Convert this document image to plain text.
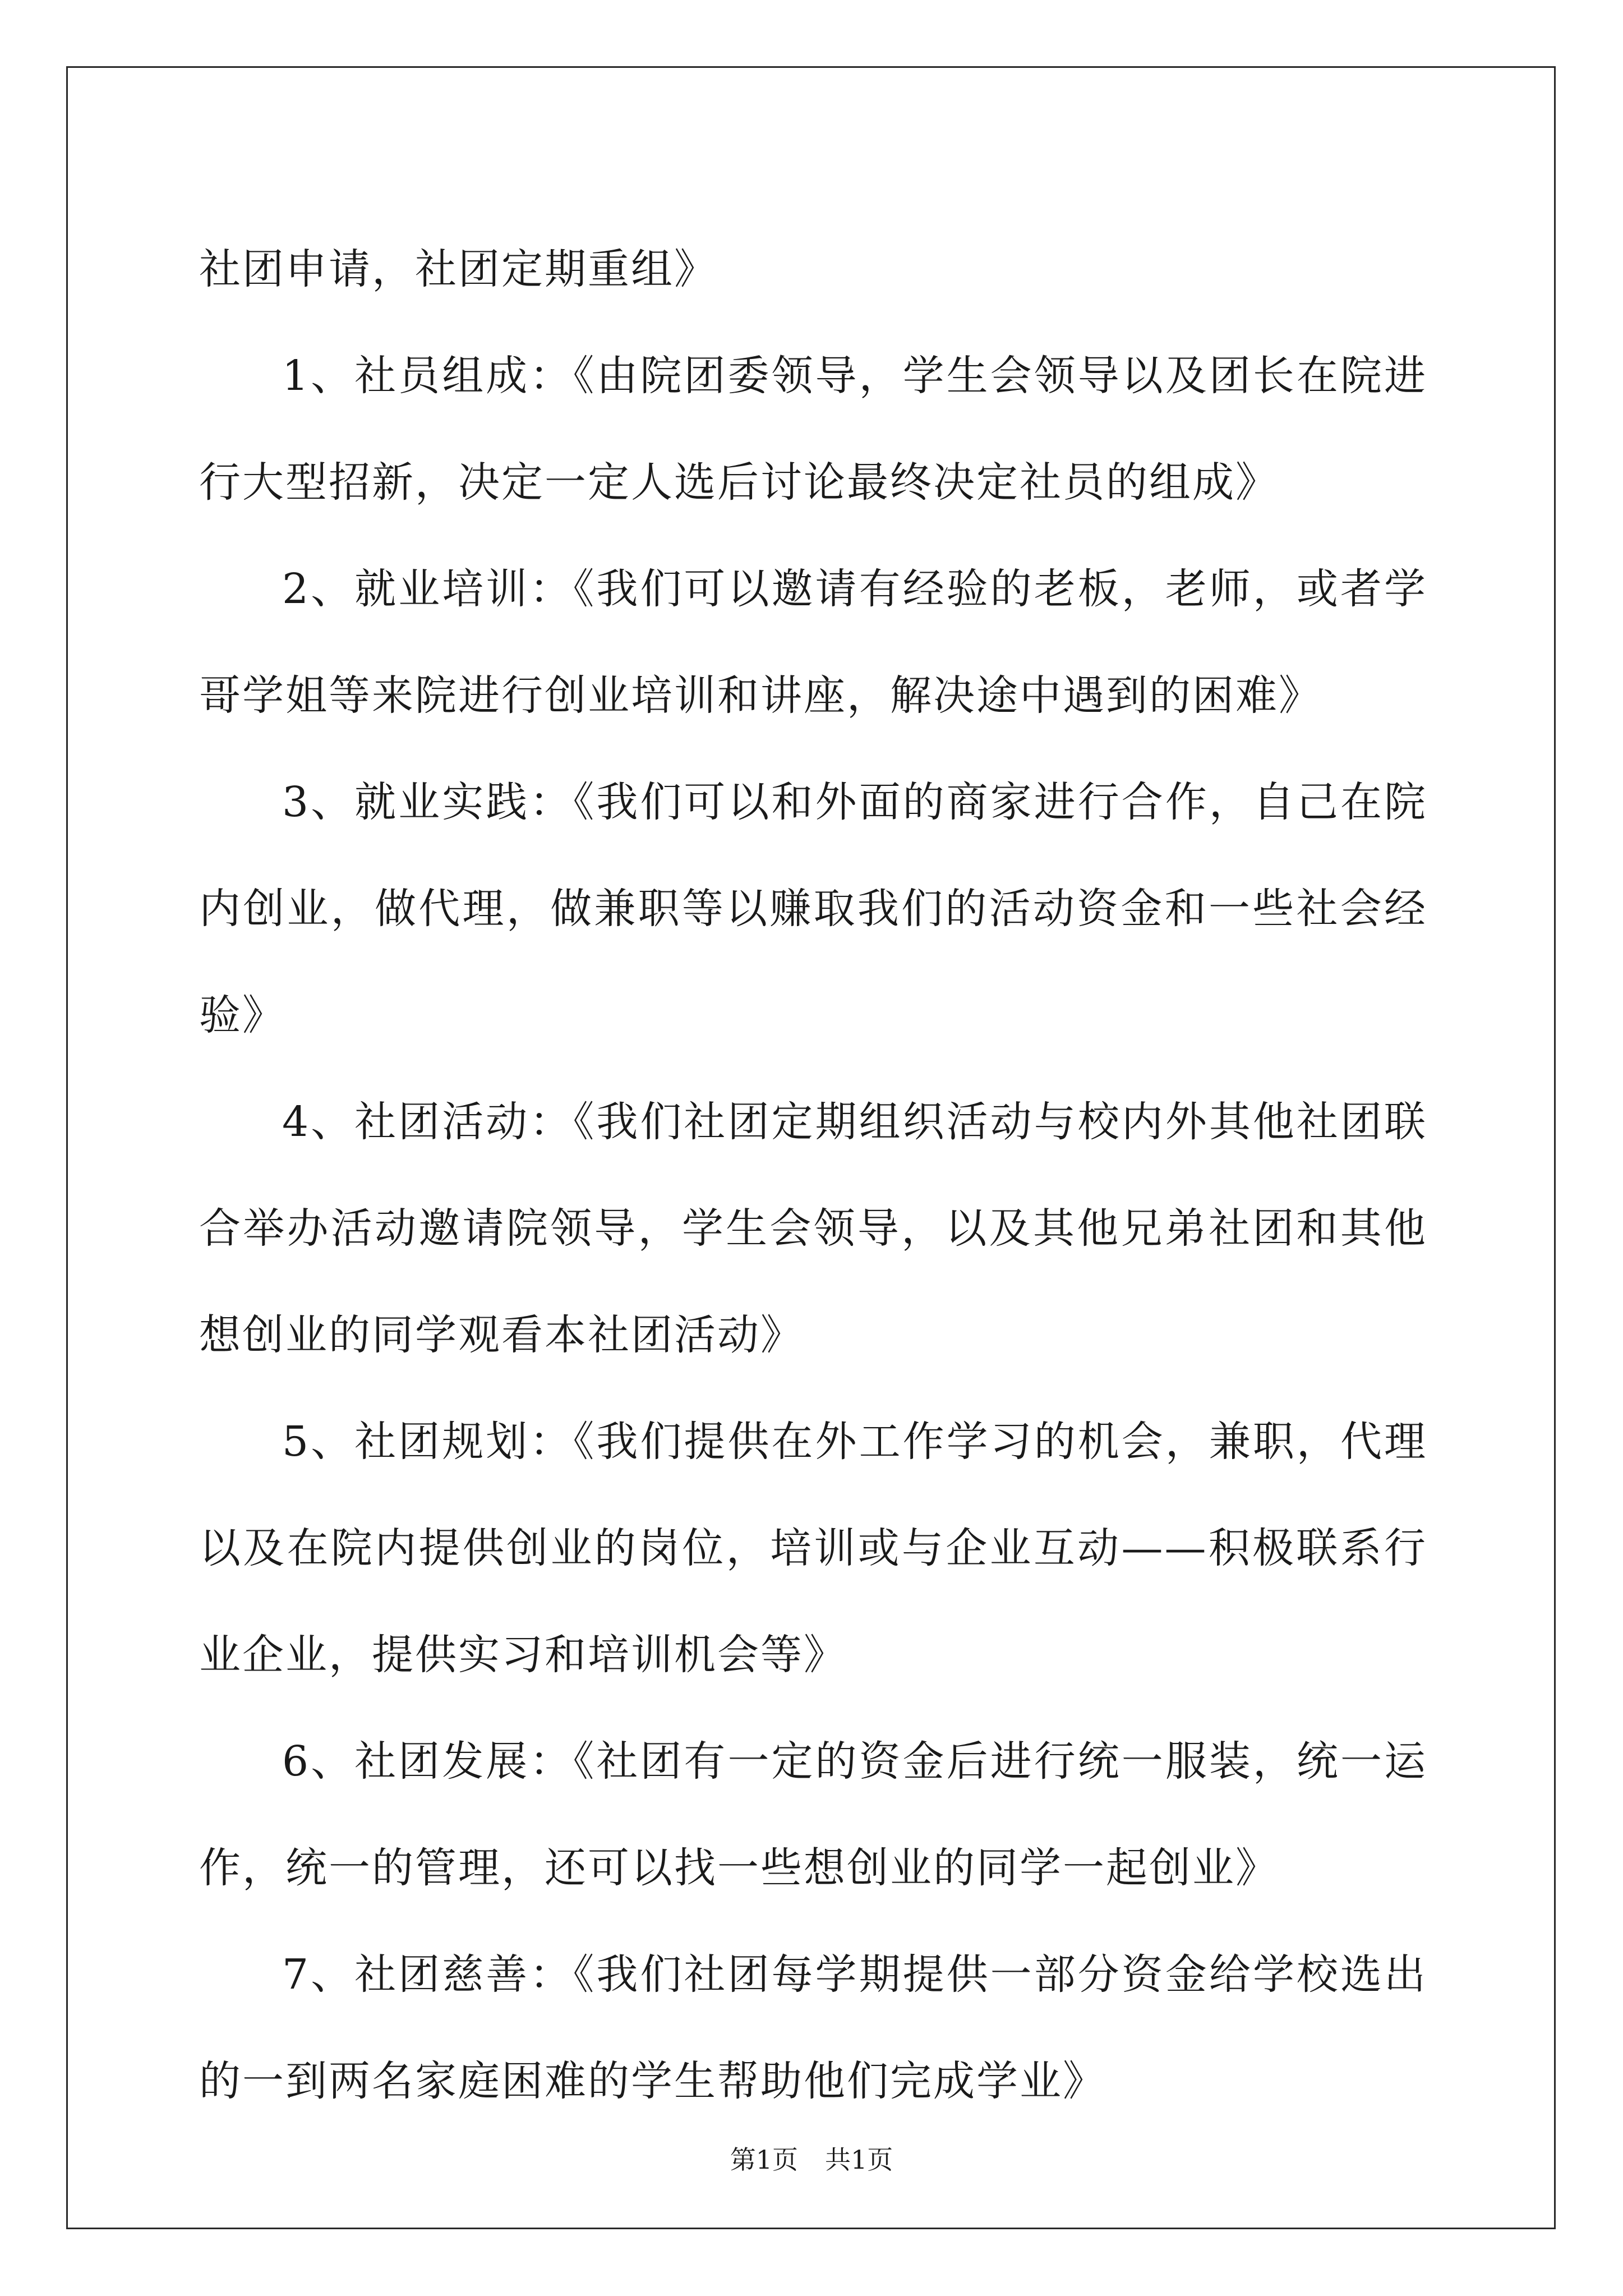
社团申请，社团定期重组》

1、社员组成：《由院团委领导，学生会领导以及团长在院进行大型招新，决定一定人选后讨论最终决定社员的组成》

2、就业培训：《我们可以邀请有经验的老板，老师，或者学哥学姐等来院进行创业培训和讲座，解决途中遇到的困难》

3、就业实践：《我们可以和外面的商家进行合作，自己在院内创业，做代理，做兼职等以赚取我们的活动资金和一些社会经验》

4、社团活动：《我们社团定期组织活动与校内外其他社团联合举办活动邀请院领导，学生会领导，以及其他兄弟社团和其他想创业的同学观看本社团活动》

5、社团规划：《我们提供在外工作学习的机会，兼职，代理以及在院内提供创业的岗位，培训或与企业互动——积极联系行业企业，提供实习和培训机会等》

6、社团发展：《社团有一定的资金后进行统一服装，统一运作，统一的管理，还可以找一些想创业的同学一起创业》

7、社团慈善：《我们社团每学期提供一部分资金给学校选出的一到两名家庭困难的学生帮助他们完成学业》

第1页 共1页
